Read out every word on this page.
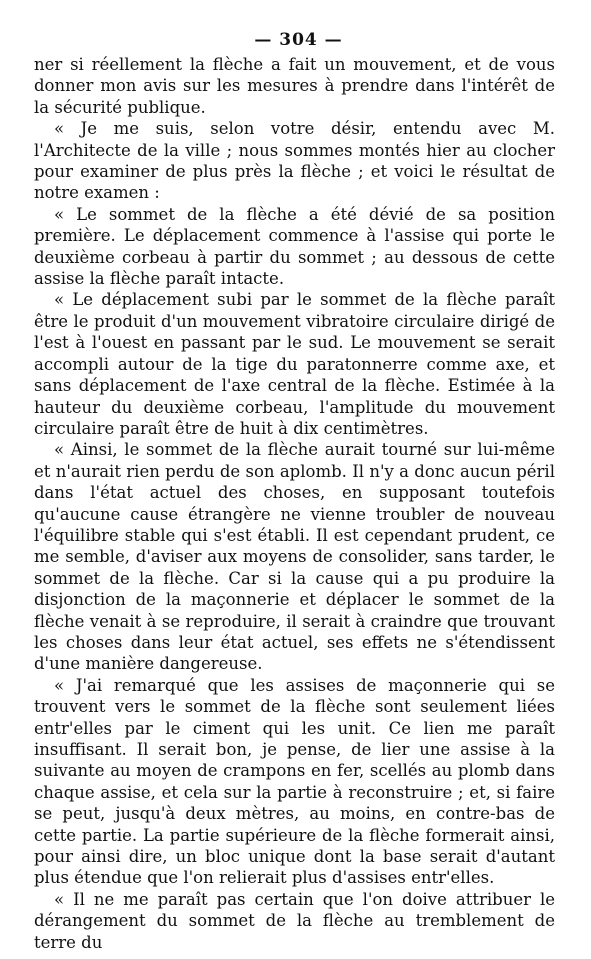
— 304 —

ner si réellement la flèche a fait un mouvement, et de vous donner mon avis sur les mesures à prendre dans l'intérêt de la sécurité publique.

« Je me suis, selon votre désir, entendu avec M. l'Architecte de la ville ; nous sommes montés hier au clocher pour examiner de plus près la flèche ; et voici le résultat de notre examen :

« Le sommet de la flèche a été dévié de sa position première. Le déplacement commence à l'assise qui porte le deuxième corbeau à partir du sommet ; au dessous de cette assise la flèche paraît intacte.

« Le déplacement subi par le sommet de la flèche paraît être le produit d'un mouvement vibratoire circulaire dirigé de l'est à l'ouest en passant par le sud. Le mouvement se serait accompli autour de la tige du paratonnerre comme axe, et sans déplacement de l'axe central de la flèche. Estimée à la hauteur du deuxième corbeau, l'amplitude du mouvement circulaire paraît être de huit à dix centimètres.

« Ainsi, le sommet de la flèche aurait tourné sur lui-même et n'aurait rien perdu de son aplomb. Il n'y a donc aucun péril dans l'état actuel des choses, en supposant toutefois qu'aucune cause étrangère ne vienne troubler de nouveau l'équilibre stable qui s'est établi. Il est cependant prudent, ce me semble, d'aviser aux moyens de consolider, sans tarder, le sommet de la flèche. Car si la cause qui a pu produire la disjonction de la maçonnerie et déplacer le sommet de la flèche venait à se reproduire, il serait à craindre que trouvant les choses dans leur état actuel, ses effets ne s'étendissent d'une manière dangereuse.

« J'ai remarqué que les assises de maçonnerie qui se trouvent vers le sommet de la flèche sont seulement liées entr'elles par le ciment qui les unit. Ce lien me paraît insuffisant. Il serait bon, je pense, de lier une assise à la suivante au moyen de crampons en fer, scellés au plomb dans chaque assise, et cela sur la partie à reconstruire ; et, si faire se peut, jusqu'à deux mètres, au moins, en contre-bas de cette partie. La partie supérieure de la flèche formerait ainsi, pour ainsi dire, un bloc unique dont la base serait d'autant plus étendue que l'on relierait plus d'assises entr'elles.

« Il ne me paraît pas certain que l'on doive attribuer le dérangement du sommet de la flèche au tremblement de terre du
